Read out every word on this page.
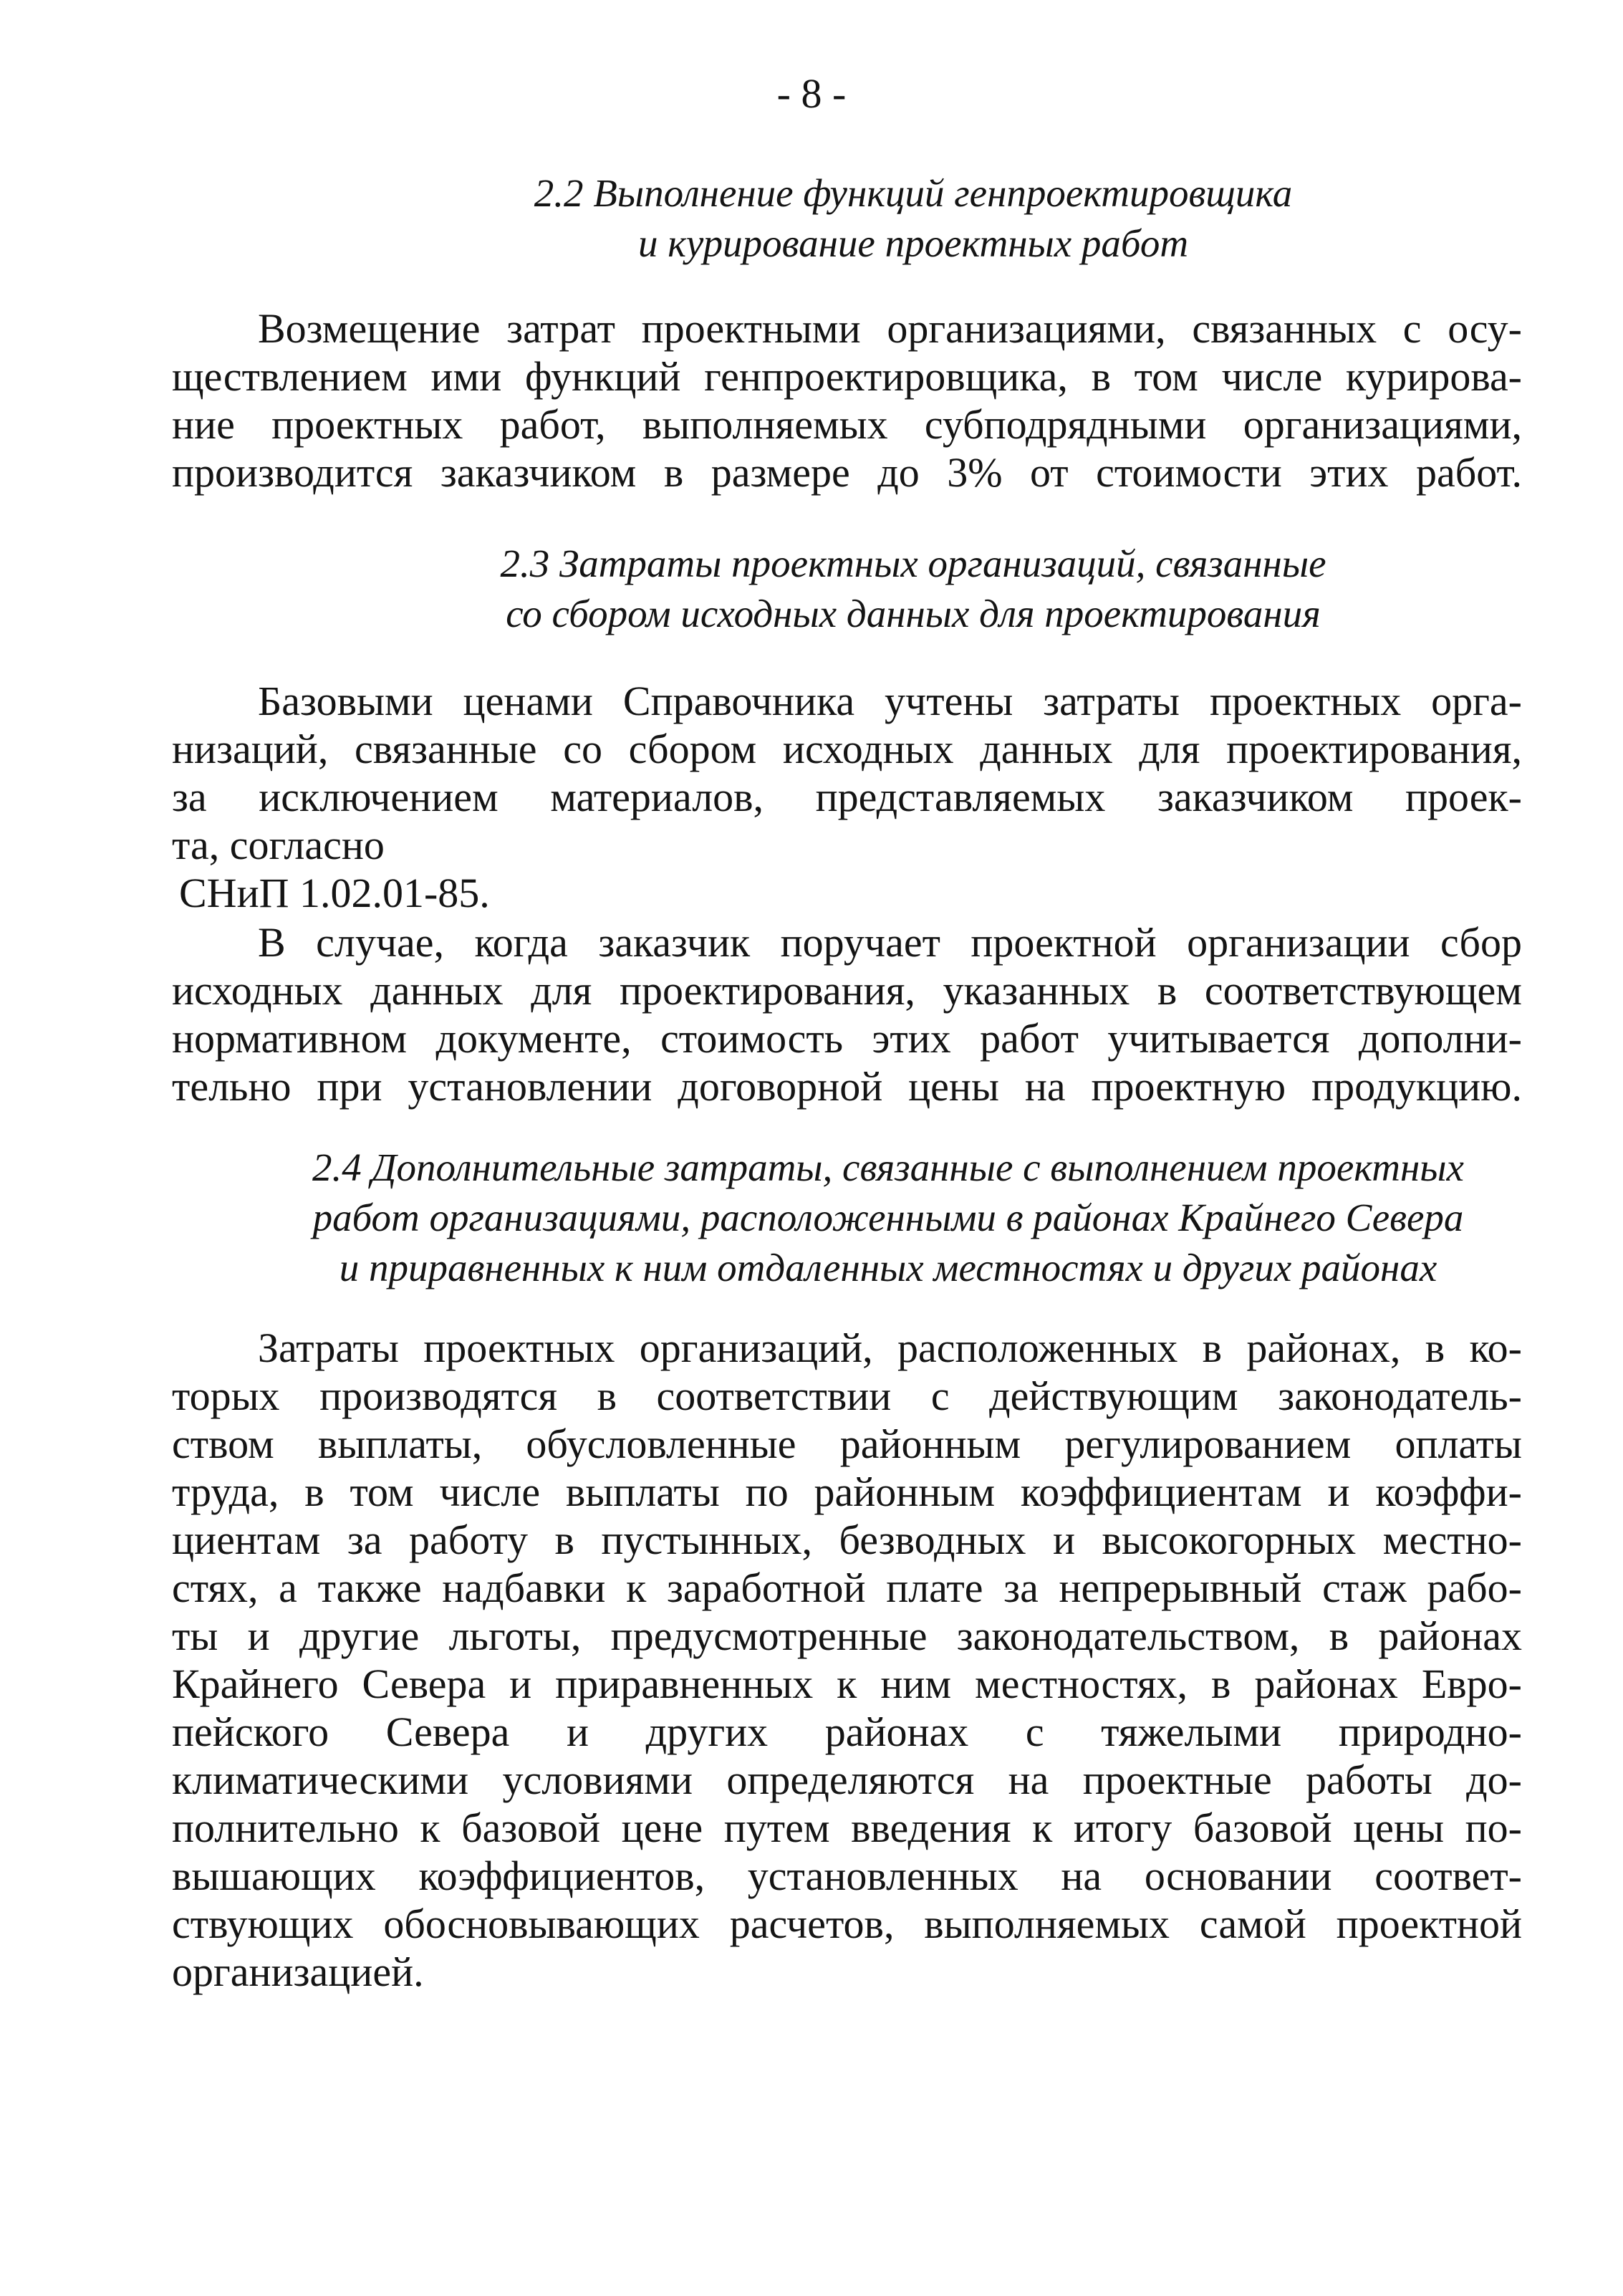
- 8 -
2.2 Выполнение функций генпроектировщика
и курирование проектных работ
Возмещение затрат проектными организациями, связанных с осу-
ществлением ими функций генпроектировщика, в том числе курирова-
ние проектных работ, выполняемых субподрядными организациями,
производится заказчиком в размере до 3% от стоимости этих работ.
2.3 Затраты проектных организаций, связанные
со сбором исходных данных для проектирования
Базовыми ценами Справочника учтены затраты проектных орга-
низаций, связанные со сбором исходных данных для проектирования,
за исключением материалов, представляемых заказчиком проек-
та, согласно
СНиП 1.02.01-85.
В случае, когда заказчик поручает проектной организации сбор
исходных данных для проектирования, указанных в соответствующем
нормативном документе, стоимость этих работ учитывается дополни-
тельно при установлении договорной цены на проектную продукцию.
2.4 Дополнительные затраты, связанные с выполнением проектных
работ организациями, расположенными в районах Крайнего Севера
и приравненных к ним отдаленных местностях и других районах
Затраты проектных организаций, расположенных в районах, в ко-
торых производятся в соответствии с действующим законодатель-
ством выплаты, обусловленные районным регулированием оплаты
труда, в том числе выплаты по районным коэффициентам и коэффи-
циентам за работу в пустынных, безводных и высокогорных местно-
стях, а также надбавки к заработной плате за непрерывный стаж рабо-
ты и другие льготы, предусмотренные законодательством, в районах
Крайнего Севера и приравненных к ним местностях, в районах Евро-
пейского Севера и других районах с тяжелыми природно-
климатическими условиями определяются на проектные работы до-
полнительно к базовой цене путем введения к итогу базовой цены по-
вышающих коэффициентов, установленных на основании соответ-
ствующих обосновывающих расчетов, выполняемых самой проектной
организацией.
